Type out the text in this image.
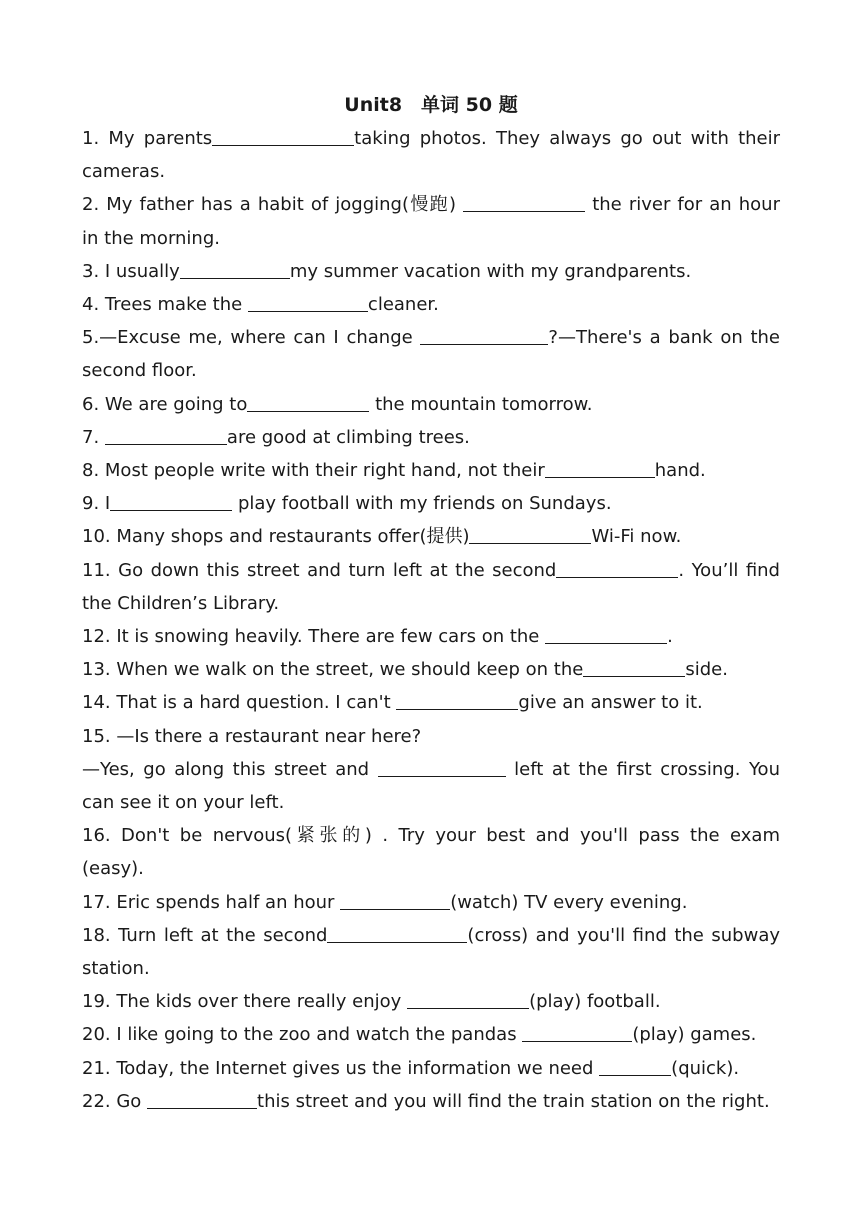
Unit8　单词 50 题
1. My parents	taking photos. They always go out with their
cameras.
2. My father has a habit of jogging(慢跑)	the river for an hour
in the morning.
3. I usually	my summer vacation with my grandparents.
4. Trees make the	cleaner.
5.—Excuse me, where can I change	?—There's a bank on the
second floor.
6. We are going to	the mountain tomorrow.
7.	are good at climbing trees.
8. Most people write with their right hand, not their	hand.
9. I	play football with my friends on Sundays.
10. Many shops and restaurants offer(提供)	Wi-Fi now.
11. Go down this street and turn left at the second	. You’ll find
the Children’s Library.
12. It is snowing heavily. There are few cars on the	.
13. When we walk on the street, we should keep on the	side.
14. That is a hard question. I can't	give an answer to it.
15. —Is there a restaurant near here?
—Yes, go along this street and	left at the first crossing. You
can see it on your left.
16. Don't be nervous(紧张的) . Try your best and you'll pass the exam
(easy).
17. Eric spends half an hour	(watch) TV every evening.
18. Turn left at the second	(cross) and you'll find the subway
station.
19. The kids over there really enjoy	(play) football.
20. I like going to the zoo and watch the pandas	(play) games.
21. Today, the Internet gives us the information we need	(quick).
22. Go	this street and you will find the train station on the right.
